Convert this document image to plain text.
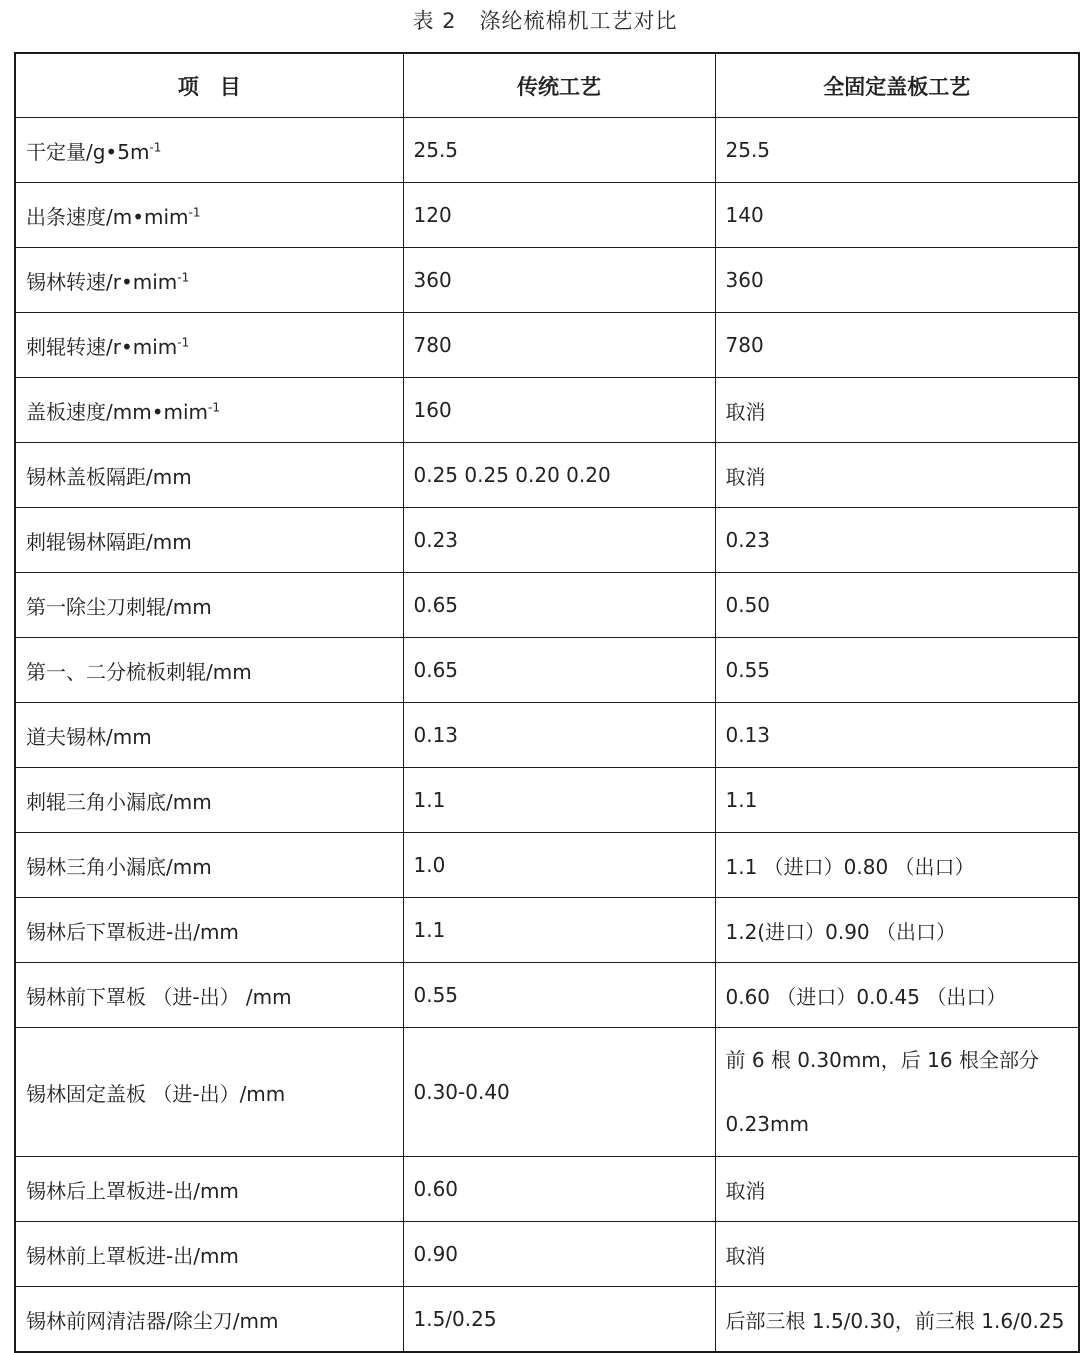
表 2   涤纶梳棉机工艺对比
项　目	传统工艺	全固定盖板工艺
干定量$/g•5m^{-1}$	25.5	25.5
出条速度/m•mim$^{-1}$	120	140
锡林转速/r•mim$^{-1}$	360	360
刺辊转速/r•mim$^{-1}$	780	780
盖板速度/mm•mim$^{-1}$	160	取消
锡林盖板隔距/mm	0.25 0.25 0.20 0.20	取消
刺辊锡林隔距/mm	0.23	0.23
第一除尘刀刺辊/mm	0.65	0.50
第一、二分梳板刺辊/mm	0.65	0.55
道夫锡林/mm	0.13	0.13
刺辊三角小漏底/mm	1.1	1.1
锡林三角小漏底/mm	1.0	1.1 （进口）0.80 （出口）
锡林后下罩板进-出/mm	1.1	1.2(进口）0.90 （出口）
锡林前下罩板 （进-出） /mm	0.55	0.60 （进口）0.0.45 （出口）
锡林固定盖板 （进-出）/mm	0.30-0.40	前 6 根 0.30mm，后 16 根全部分 0.23mm
锡林后上罩板进-出/mm	0.60	取消
锡林前上罩板进-出/mm	0.90	取消
锡林前网清洁器/除尘刀/mm	1.5/0.25	后部三根 1.5/0.30，前三根 1.6/0.25
